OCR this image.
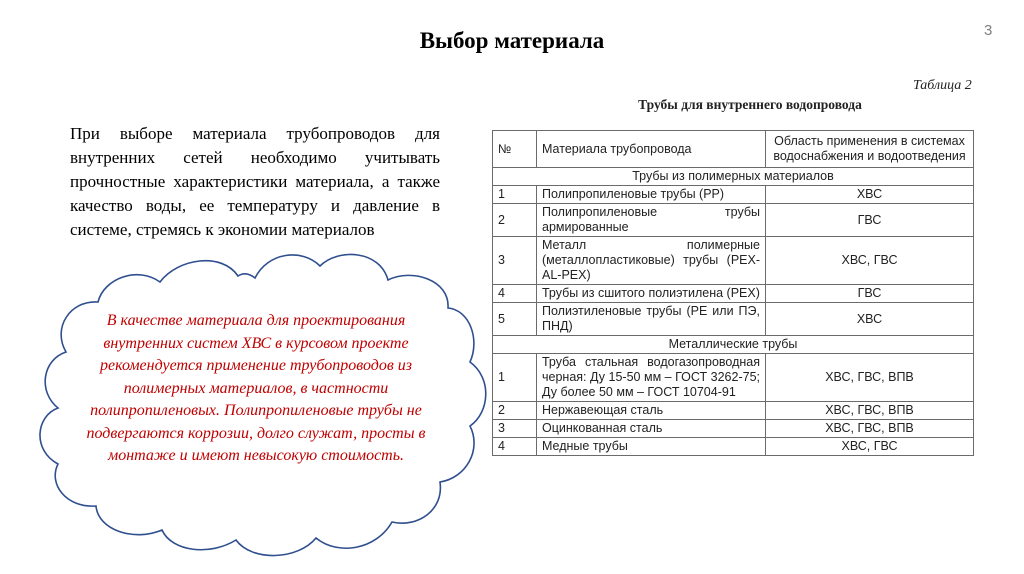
Выбор материала	3
При выборе материала трубопроводов для внутренних сетей необходимо учитывать прочностные характеристики материала, а также качество воды, ее температуру и давление в системе, стремясь к экономии материалов
В качестве материала для проектирования внутренних систем ХВС в курсовом проекте рекомендуется применение трубопроводов из полимерных материалов, в частности полипропиленовых. Полипропиленовые трубы не подвергаются коррозии, долго служат, просты в монтаже и имеют невысокую стоимость.
Таблица 2
Трубы для внутреннего водопровода
№	Материала трубопровода	Область применения в системах водоснабжения и водоотведения
Трубы из полимерных материалов		
1	Полипропиленовые трубы (PP)	ХВС
2	Полипропиленовые трубы армированные	ГВС
3	Металл полимерные (металлопластиковые) трубы (PEX-AL-PEX)	ХВС, ГВС
4	Трубы из сшитого полиэтилена (PEX)	ГВС
5	Полиэтиленовые трубы (PE или ПЭ, ПНД)	ХВС
Металлические трубы		
1	Труба стальная водогазопроводная черная: Ду 15-50 мм – ГОСТ 3262-75; Ду более 50 мм – ГОСТ 10704-91	ХВС, ГВС, ВПВ
2	Нержавеющая сталь	ХВС, ГВС, ВПВ
3	Оцинкованная сталь	ХВС, ГВС, ВПВ
4	Медные трубы	ХВС, ГВС
